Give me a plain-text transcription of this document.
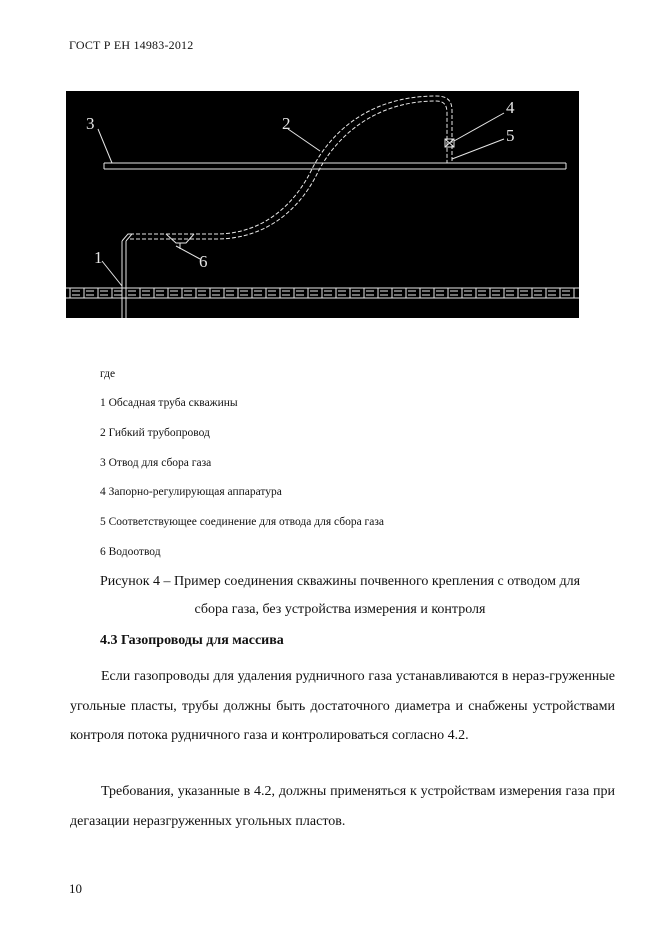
ГОСТ Р ЕН 14983-2012
3	2
4
5
1	6
где
1 Обсадная труба скважины
2 Гибкий трубопровод
3 Отвод для сбора газа
4 Запорно-регулирующая аппаратура
5 Соответствующее соединение для отвода для сбора газа
6 Водоотвод
Рисунок 4 – Пример соединения скважины почвенного крепления с отводом для
сбора газа, без устройства измерения и контроля
4.3 Газопроводы для массива
Если газопроводы для удаления рудничного газа устанавливаются в нераз-груженные угольные пласты, трубы должны быть достаточного диаметра и снабжены устройствами контроля потока рудничного газа и контролироваться согласно 4.2.
Требования, указанные в 4.2, должны применяться к устройствам измерения газа при дегазации неразгруженных угольных пластов.
10
